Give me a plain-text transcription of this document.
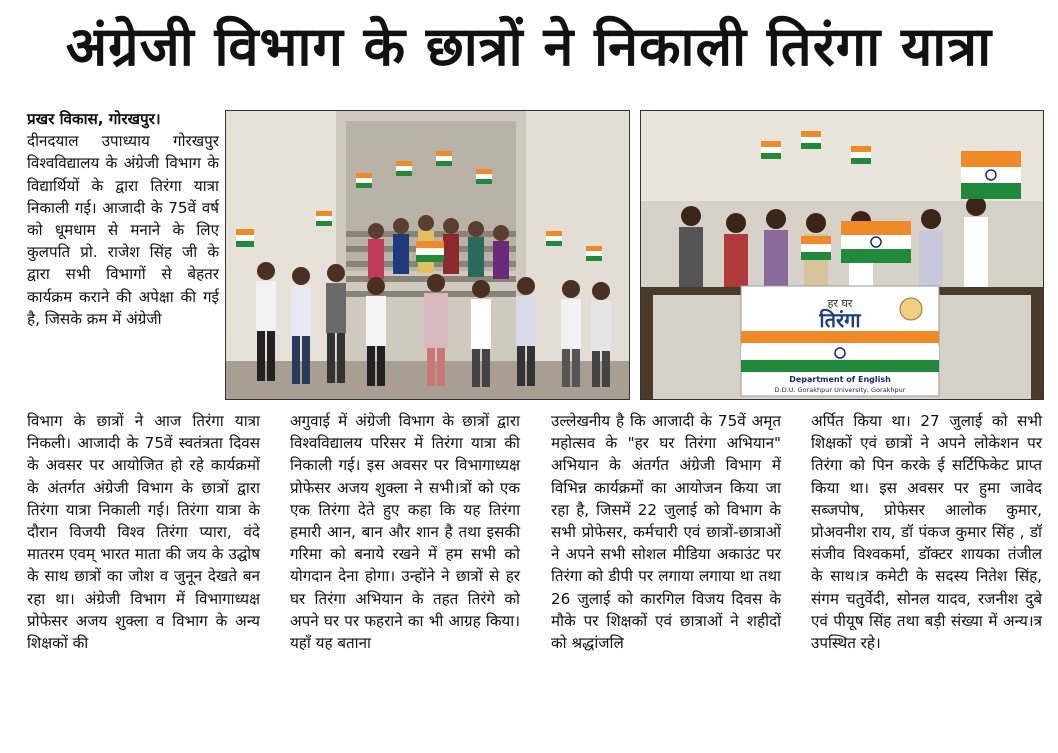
अंग्रेजी विभाग के छात्रों ने निकाली तिरंगा यात्रा

प्रखर विकास, गोरखपुर।

दीनदयाल उपाध्याय गोरखपुर विश्वविद्यालय के अंग्रेजी विभाग के विद्यार्थियों के द्वारा तिरंगा यात्रा निकाली गई। आजादी के 75वें वर्ष को धूमधाम से मनाने के लिए कुलपति प्रो. राजेश सिंह जी के द्वारा सभी विभागों से बेहतर कार्यक्रम कराने की अपेक्षा की गई है, जिसके क्रम में अंग्रेजी

हर घर
तिरंगा
Department of English
D.D.U. Gorakhpur University, Gorakhpur

विभाग के छात्रों ने आज तिरंगा यात्रा निकली। आजादी के 75वें स्वतंत्रता दिवस के अवसर पर आयोजित हो रहे कार्यक्रमों के अंतर्गत अंग्रेजी विभाग के छात्रों द्वारा तिरंगा यात्रा निकाली गई। तिरंगा यात्रा के दौरान विजयी विश्व तिरंगा प्यारा, वंदे मातरम एवम् भारत माता की जय के उद्घोष के साथ छात्रों का जोश व जुनून देखते बन रहा था। अंग्रेजी विभाग में विभागाध्यक्ष प्रोफेसर अजय शुक्ला व विभाग के अन्य शिक्षकों की

अगुवाई में अंग्रेजी विभाग के छात्रों द्वारा विश्वविद्यालय परिसर में तिरंगा यात्रा की निकाली गई। इस अवसर पर विभागाध्यक्ष प्रोफेसर अजय शुक्ला ने सभी।त्रों को एक एक तिरंगा देते हुए कहा कि यह तिरंगा हमारी आन, बान और शान है तथा इसकी गरिमा को बनाये रखने में हम सभी को योगदान देना होगा। उन्होंने ने छात्रों से हर घर तिरंगा अभियान के तहत तिरंगे को अपने घर पर फहराने का भी आग्रह किया। यहाँ यह बताना

उल्लेखनीय है कि आजादी के 75वें अमृत महोत्सव के "हर घर तिरंगा अभियान" अभियान के अंतर्गत अंग्रेजी विभाग में विभिन्न कार्यक्रमों का आयोजन किया जा रहा है, जिसमें 22 जुलाई को विभाग के सभी प्रोफेसर, कर्मचारी एवं छात्रों-छात्राओं ने अपने सभी सोशल मीडिया अकाउंट पर तिरंगा को डीपी पर लगाया लगाया था तथा 26 जुलाई को कारगिल विजय दिवस के मौके पर शिक्षकों एवं छात्राओं ने शहीदों को श्रद्धांजलि

अर्पित किया था। 27 जुलाई को सभी शिक्षकों एवं छात्रों ने अपने लोकेशन पर तिरंगा को पिन करके ई सर्टिफिकेट प्राप्त किया था। इस अवसर पर हुमा जावेद सब्जपोष, प्रोफेसर आलोक कुमार, प्रोअवनीश राय, डॉ पंकज कुमार सिंह , डॉ संजीव विश्वकर्मा, डॉक्टर शायका तंजील के साथ।त्र कमेटी के सदस्य नितेश सिंह, संगम चतुर्वेदी, सोनल यादव, रजनीश दुबे एवं पीयूष सिंह तथा बड़ी संख्या में अन्य।त्र उपस्थित रहे।
